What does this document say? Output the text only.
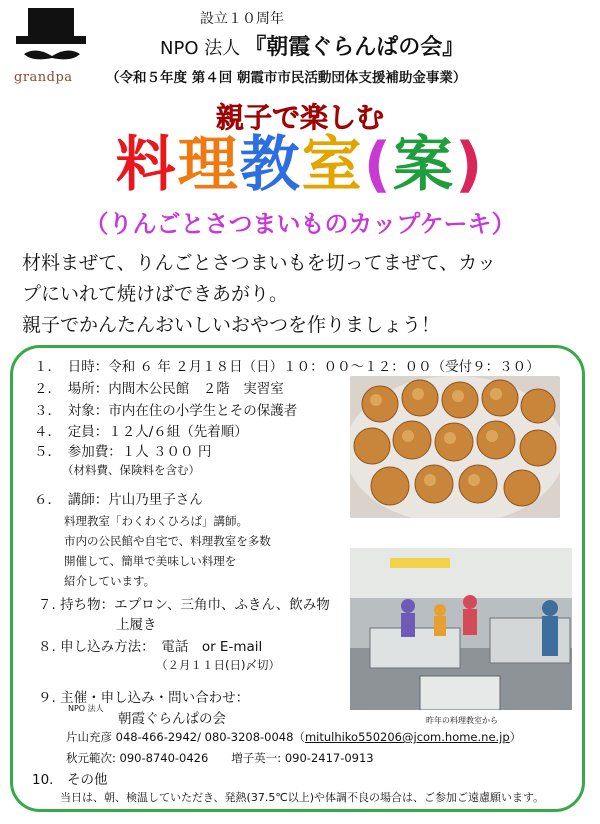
grandpa
設立１０周年
NPO 法人 『朝霞ぐらんぱの会』
（令和５年度 第４回 朝霞市市民活動団体支援補助金事業）
親子で楽しむ
料理教室(案)
（りんごとさつまいものカップケーキ）
材料まぜて、りんごとさつまいもを切ってまぜて、カッ
プにいれて焼けばできあがり。
親子でかんたんおいしいおやつを作りましょう！
１．　日時：令和 ６ 年 ２月１８日（日）１０：００～１２：００（受付９：３０）
２．　場所：内間木公民館　２階　実習室
３．　対象：市内在住の小学生とその保護者
４．　定員：１２人/６組（先着順）
５．　参加費：１人 ３００ 円
（材料費、保険料を含む）
６．　講師：片山乃里子さん
料理教室「わくわくひろば」講師。
市内の公民館や自宅で、料理教室を多数
開催して、簡単で美味しい料理を
紹介しています。
７. 持ち物：エプロン、三角巾、ふきん、飲み物
上履き
８. 申し込み方法：　電話　or E-mail
（２月１１日(日)〆切）
９. 主催・申し込み・問い合わせ：
NPO 法人
朝霞ぐらんぱの会
片山充彦 048-466-2942/ 080-3208-0048（mitulhiko550206@jcom.home.ne.jp）
秋元範次: 090-8740-0426　　増子英一: 090-2417-0913
10.　その他
当日は、朝、検温していただき、発熱(37.5℃以上)や体調不良の場合は、ご参加ご遠慮願います。
昨年の料理教室から
